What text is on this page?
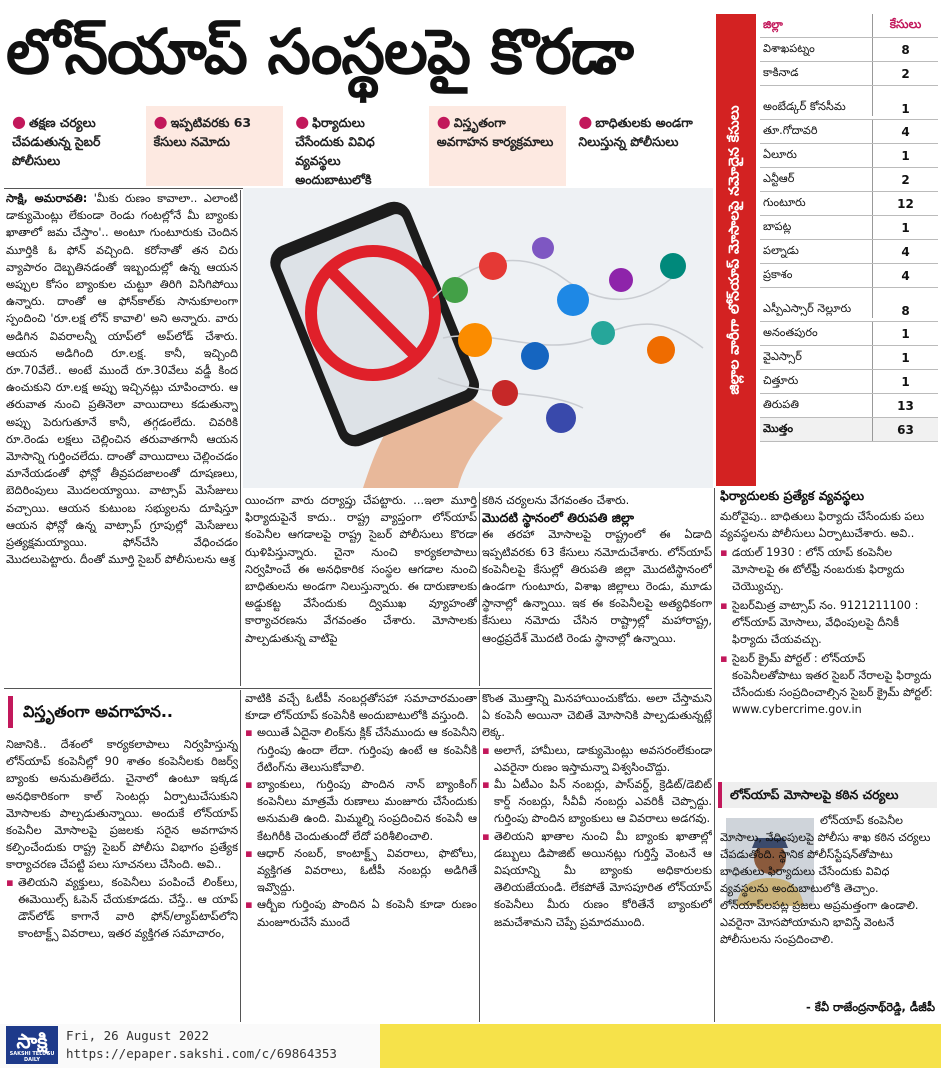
లోన్‌యాప్ సంస్థలపై కొరడా
● తక్షణ చర్యలు చేపడుతున్న సైబర్ పోలీసులు
● ఇప్పటివరకు 63 కేసులు నమోదు
● ఫిర్యాదులు చేసేందుకు వివిధ వ్యవస్థలు అందుబాటులోకి
● విస్తృతంగా అవగాహన కార్యక్రమాలు
● బాధితులకు అండగా నిలుస్తున్న పోలీసులు
సాక్షి, అమరావతి: 'మీకు రుణం కావాలా.. ఎలాంటి డాక్యుమెంట్లు లేకుండా రెండు గంటల్లోనే మీ బ్యాంకు ఖాతాలో జమ చేస్తాం'.. అంటూ గుంటూరుకు చెందిన మూర్తికి ఓ ఫోన్ వచ్చింది. కరోనాతో తన చిరు వ్యాపారం దెబ్బతినడంతో ఇబ్బందుల్లో ఉన్న ఆయన అప్పుల కోసం బ్యాంకుల చుట్టూ తిరిగి విసిగిపోయి ఉన్నారు. దాంతో ఆ ఫోన్‌కాల్‌కు సానుకూలంగా స్పందించి 'రూ.లక్ష లోన్ కావాలి' అని అన్నారు. వారు అడిగిన వివరాలన్నీ యాప్‌లో అప్‌లోడ్ చేశారు. ఆయన అడిగింది రూ.లక్ష. కానీ, ఇచ్చింది రూ.70వేలే.. అంటే ముందే రూ.30వేలు వడ్డీ కింద ఉంచుకుని రూ.లక్ష అప్పు ఇచ్చినట్లు చూపించారు. ఆ తరువాత నుంచి ప్రతినెలా వాయిదాలు కడుతున్నా అప్పు పెరుగుతూనే కానీ, తగ్గడంలేదు. చివరికి రూ.రెండు లక్షలు చెల్లించిన తరువాతగానీ ఆయన మోసాన్ని గుర్తించలేదు. దాంతో వాయిదాలు చెల్లించడం మానేయడంతో ఫోన్లో తీవ్రపదజాలంతో దూషణలు, బెదిరింపులు మొదలయ్యాయి. వాట్సాప్ మెసేజులు వచ్చాయి. ఆయన కుటుంబ సభ్యులను దూషిస్తూ ఆయన ఫోన్లో ఉన్న వాట్సాప్ గ్రూపుల్లో మెసేజులు ప్రత్యక్షమయ్యాయి. ఫోన్‌చేసి వేధించడం మొదలుపెట్టారు. దీంతో మూర్తి సైబర్ పోలీసులను ఆశ్ర
యించగా వారు దర్యాప్తు చేపట్టారు. ...ఇలా మూర్తి ఫిర్యాదుపైనే కాదు.. రాష్ట్ర వ్యాప్తంగా లోన్‌యాప్ కంపెనీల ఆగడాలపై రాష్ట్ర సైబర్ పోలీసులు కొరడా ఝళిపిస్తున్నారు. చైనా నుంచి కార్యకలాపాలు నిర్వహించే ఈ అనధికారిక సంస్థల ఆగడాల నుంచి బాధితులను అండగా నిలుస్తున్నారు. ఈ దారుణాలకు అడ్డుకట్ట వేసేందుకు ద్విముఖ వ్యూహంతో కార్యాచరణను వేగవంతం చేశారు. మోసాలకు పాల్పడుతున్న వాటిపై
కఠిన చర్యలను వేగవంతం చేశారు.
మొదటి స్థానంలో తిరుపతి జిల్లా
ఈ తరహా మోసాలపై రాష్ట్రంలో ఈ ఏడాది ఇప్పటివరకు 63 కేసులు నమోదుచేశారు. లోన్‌యాప్ కంపెనీలపై కేసుల్లో తిరుపతి జిల్లా మొదటిస్థానంలో ఉండగా గుంటూరు, విశాఖ జిల్లాలు రెండు, మూడు స్థానాల్లో ఉన్నాయి. ఇక ఈ కంపెనీలపై అత్యధికంగా కేసులు నమోదు చేసిన రాష్ట్రాల్లో మహారాష్ట్ర, ఆంధ్రప్రదేశ్ మొదటి రెండు స్థానాల్లో ఉన్నాయి.
జిల్లాల వారీగా లోన్‌యాప్ మోసాలపై నమోదైన కేసులు
జిల్లా	కేసులు
విశాఖపట్నం	8
కాకినాడ	2
అంబేడ్కర్ కోనసీమ	1
తూ.గోదావరి	4
ఏలూరు	1
ఎన్టీఆర్	2
గుంటూరు	12
బాపట్ల	1
పల్నాడు	4
ప్రకాశం	4
ఎస్పీఎస్సార్ నెల్లూరు	8
అనంతపురం	1
వైఎస్సార్	1
చిత్తూరు	1
తిరుపతి	13
మొత్తం	63
ఫిర్యాదులకు ప్రత్యేక వ్యవస్థలు
మరోవైపు.. బాధితులు ఫిర్యాదు చేసేందుకు పలు వ్యవస్థలను పోలీసులు ఏర్పాటుచేశారు. అవి..
▪ డయల్ 1930 : లోన్ యాప్ కంపెనీల మోసాలపై ఈ టోల్‌ఫ్రీ నంబరుకు ఫిర్యాదు చెయ్యొచ్చు.
▪ సైబర్‌మిత్ర వాట్సాప్ నం. 9121211100 : లోన్‌యాప్ మోసాలు, వేధింపులపై దీనికీ ఫిర్యాదు చేయవచ్చు.
▪ సైబర్ క్రైమ్ పోర్టల్ : లోన్‌యాప్ కంపెనీలతోపాటు ఇతర సైబర్ నేరాలపై ఫిర్యాదు చేసేందుకు సంప్రదించాల్సిన సైబర్ క్రైమ్ పోర్టల్: www.cybercrime.gov.in
లోన్‌యాప్ మోసాలపై కఠిన చర్యలు
లోన్‌యాప్ కంపెనీల మోసాలు, వేధింపులపై పోలీసు శాఖ కఠిన చర్యలు చేపడుతోంది. స్థానిక పోలీస్‌స్టేషన్‌తోపాటు బాధితులు ఫిర్యాదులు చేసేందుకు వివిధ వ్యవస్థలను అందుబాటులోకి తెచ్చాం. లోన్‌యాప్‌లపట్ల ప్రజలు అప్రమత్తంగా ఉండాలి. ఎవరైనా మోసపోయామని భావిస్తే వెంటనే పోలీసులను సంప్రదించాలి.
- కేవీ రాజేంద్రనాథ్‌రెడ్డి, డీజీపీ
విస్తృతంగా అవగాహన..
నిజానికి.. దేశంలో కార్యకలాపాలు నిర్వహిస్తున్న లోన్‌యాప్ కంపెనీల్లో 90 శాతం కంపెనీలకు రిజర్వ్ బ్యాంకు అనుమతిలేదు. చైనాలో ఉంటూ ఇక్కడ అనధికారికంగా కాల్ సెంటర్లు ఏర్పాటుచేసుకుని మోసాలకు పాల్పడుతున్నాయి. అందుకే లోన్‌యాప్ కంపెనీల మోసాలపై ప్రజలకు సరైన అవగాహన కల్పించేందుకు రాష్ట్ర సైబర్ పోలీసు విభాగం ప్రత్యేక కార్యాచరణ చేపట్టి పలు సూచనలు చేసింది. అవి..
▪ తెలియని వ్యక్తులు, కంపెనీలు పంపించే లింక్‌లు, ఈమెయిల్స్ ఓపెన్ చేయకూడదు. చేస్తే.. ఆ యాప్ డౌన్‌లోడ్ కాగానే వారి ఫోన్/ల్యాప్‌టాప్‌లోని కాంటాక్ట్స్ వివరాలు, ఇతర వ్యక్తిగత సమాచారం,
వాటికి వచ్చే ఓటీపీ నంబర్లతోసహా సమాచారమంతా కూడా లోన్‌యాప్ కంపెనీకి అందుబాటులోకి వస్తుంది.
▪ అయితే ఏదైనా లింక్‌ను క్లిక్ చేసేముందు ఆ కంపెనీని గుర్తింపు ఉందా లేదా. గుర్తింపు ఉంటే ఆ కంపెనీకి రేటింగ్‌ను తెలుసుకోవాలి.
▪ బ్యాంకులు, గుర్తింపు పొందిన నాన్ బ్యాంకింగ్ కంపెనీలు మాత్రమే రుణాలు మంజూరు చేసేందుకు అనుమతి ఉంది. మిమ్మల్ని సంప్రదించిన కంపెనీ ఆ కేటగిరీకి చెందుతుందో లేదో పరిశీలించాలి.
▪ ఆధార్ నంబర్, కాంటాక్ట్స్ వివరాలు, ఫొటోలు, వ్యక్తిగత వివరాలు, ఓటీపీ నంబర్లు అడిగితే ఇవ్వొద్దు.
▪ ఆర్బీఐ గుర్తింపు పొందిన ఏ కంపెనీ కూడా రుణం మంజూరుచేసే ముందే
కొంత మొత్తాన్ని మినహాయించుకోదు. అలా చేస్తామని ఏ కంపెనీ అయినా చెబితే మోసానికి పాల్పడుతున్నట్లే లెక్క.
▪ అలాగే, హామీలు, డాక్యుమెంట్లు అవసరంలేకుండా ఎవరైనా రుణం ఇస్తామన్నా విశ్వసించొద్దు.
▪ మీ ఏటీఎం పిన్ నంబర్లు, పాస్‌వర్డ్, క్రెడిట్/డెబిట్ కార్డ్ నంబర్లు, సీవీవీ నంబర్లు ఎవరికీ చెప్పొద్దు. గుర్తింపు పొందిన బ్యాంకులు ఆ వివరాలు అడగవు.
▪ తెలియని ఖాతాల నుంచి మీ బ్యాంకు ఖాతాల్లో డబ్బులు డిపాజిట్ అయినట్లు గుర్తిస్తే వెంటనే ఆ విషయాన్ని మీ బ్యాంకు అధికారులకు తెలియజేయండి. లేకపోతే మోసపూరిత లోన్‌యాప్ కంపెనీలు మీరు రుణం కోరితేనే బ్యాంకులో జమచేశామని చెప్పే ప్రమాదముంది.
సాక్షి
SAKSHI TELUGU DAILY
Fri, 26 August 2022
https://epaper.sakshi.com/c/69864353
